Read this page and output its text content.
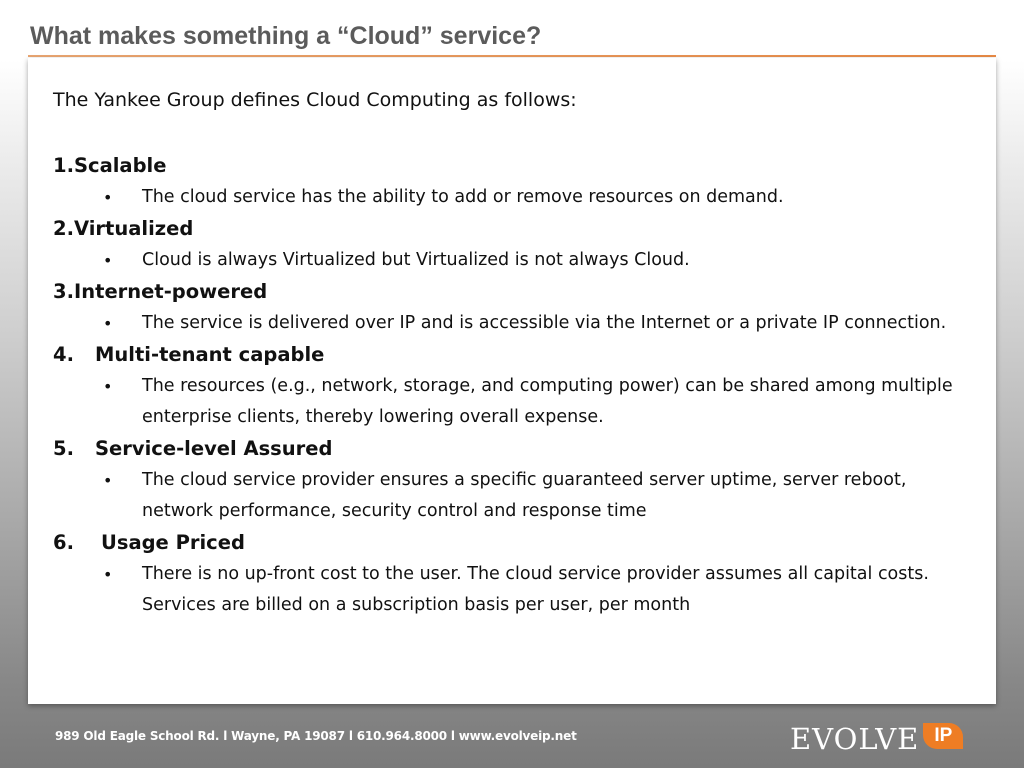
What makes something a “Cloud” service?
The Yankee Group defines Cloud Computing as follows:
1. Scalable
• The cloud service has the ability to add or remove resources on demand.
2. Virtualized
• Cloud is always Virtualized but Virtualized is not always Cloud.
3. Internet-powered
• The service is delivered over IP and is accessible via the Internet or a private IP connection.
4.	Multi-tenant capable
• The resources (e.g., network, storage, and computing power) can be shared among multiple enterprise clients, thereby lowering overall expense.
5.	Service-level Assured
• The cloud service provider ensures a specific guaranteed server uptime, server reboot, network performance, security control and response time
6.	Usage Priced
• There is no up-front cost to the user. The cloud service provider assumes all capital costs. Services are billed on a subscription basis per user, per month
989 Old Eagle School Rd. l Wayne, PA 19087 l 610.964.8000 l www.evolveip.net	EVOLVE IP
